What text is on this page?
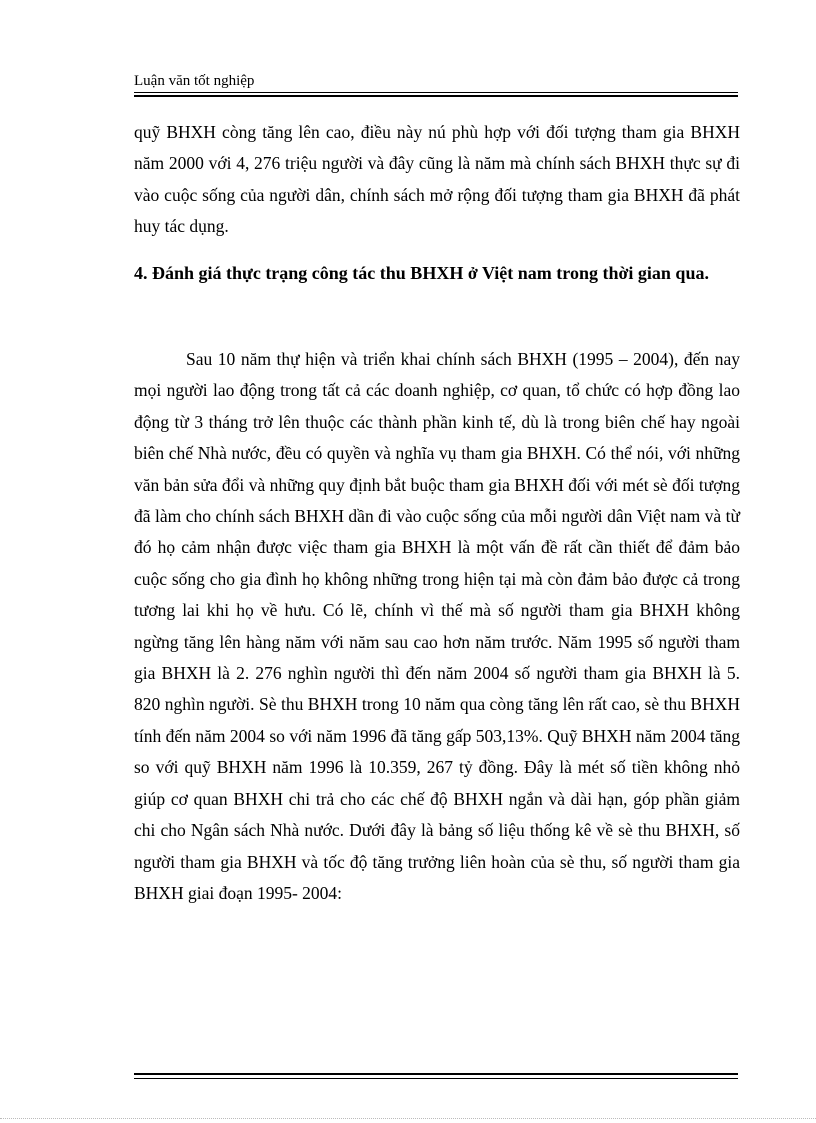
Luận văn tốt nghiệp

quỹ BHXH còng tăng lên cao, điều này nú phù hợp với đối tượng tham gia BHXH năm 2000 với 4, 276 triệu người và đây cũng là năm mà chính sách BHXH thực sự đi vào cuộc sống của người dân, chính sách mở rộng đối tượng tham gia BHXH đã phát huy tác dụng.

4. Đánh giá thực trạng công tác thu BHXH ở Việt nam trong thời gian qua.

Sau 10 năm thự hiện và triển khai chính sách BHXH (1995 – 2004), đến nay mọi người lao động trong tất cả các doanh nghiệp, cơ quan, tổ chức có hợp đồng lao động từ 3 tháng trở lên thuộc các thành phần kinh tế, dù là trong biên chế hay ngoài biên chế Nhà nước, đều có quyền và nghĩa vụ tham gia BHXH. Có thể nói, với những văn bản sửa đổi và những quy định bắt buộc tham gia BHXH đối với mét sè đối tượng đã làm cho chính sách BHXH dần đi vào cuộc sống của mỗi người dân Việt nam và từ đó họ cảm nhận được việc tham gia BHXH là một vấn đề rất cần thiết để đảm bảo cuộc sống cho gia đình họ không những trong hiện tại mà còn đảm bảo được cả trong tương lai khi họ về hưu. Có lẽ, chính vì thế mà số người tham gia BHXH không ngừng tăng lên hàng năm với năm sau cao hơn năm trước. Năm 1995 số người tham gia BHXH là 2. 276 nghìn người thì đến năm 2004 số người tham gia BHXH là 5. 820 nghìn người. Sè thu BHXH trong 10 năm qua còng tăng lên rất cao, sè thu BHXH tính đến năm 2004 so với năm 1996 đã tăng gấp 503,13%. Quỹ BHXH năm 2004 tăng so với quỹ BHXH năm 1996 là 10.359, 267 tỷ đồng. Đây là mét số tiền không nhỏ giúp cơ quan BHXH chi trả cho các chế độ BHXH ngắn và dài hạn, góp phần giảm chi cho Ngân sách Nhà nước. Dưới đây là bảng số liệu thống kê về sè thu BHXH, số người tham gia BHXH và tốc độ tăng trưởng liên hoàn của sè thu, số người tham gia BHXH giai đoạn 1995- 2004:
